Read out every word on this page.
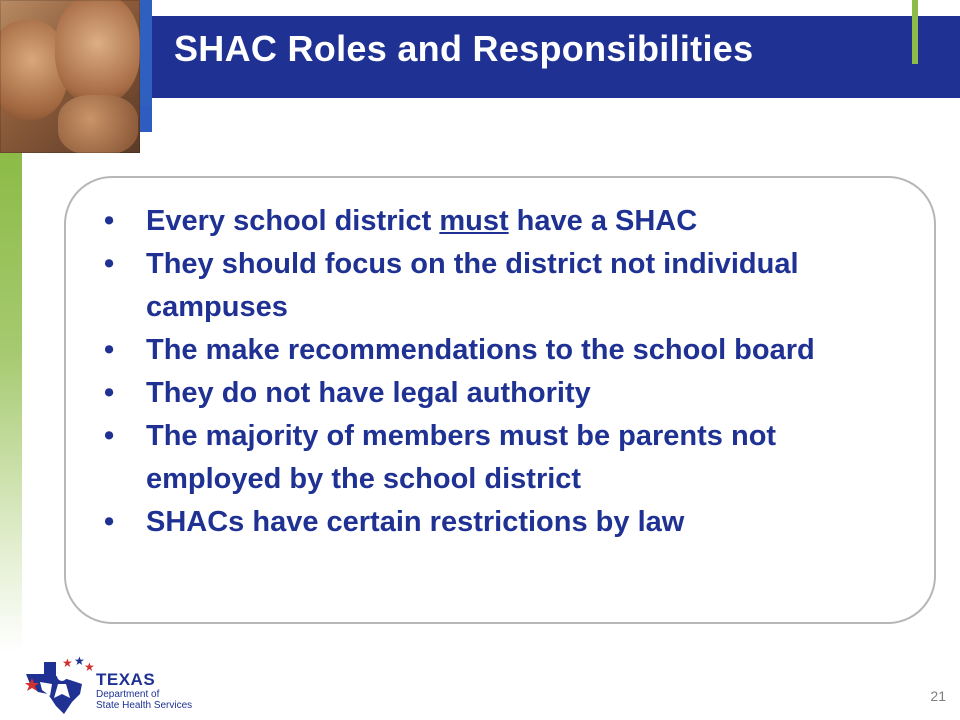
SHAC Roles and Responsibilities
• Every school district must have a SHAC
• They should focus on the district not individual campuses
• The make recommendations to the school board
• They do not have legal authority
• The majority of members must be parents not employed by the school district
• SHACs have certain restrictions by law
★ ★ ★
TEXAS
Department of
State Health Services
21
